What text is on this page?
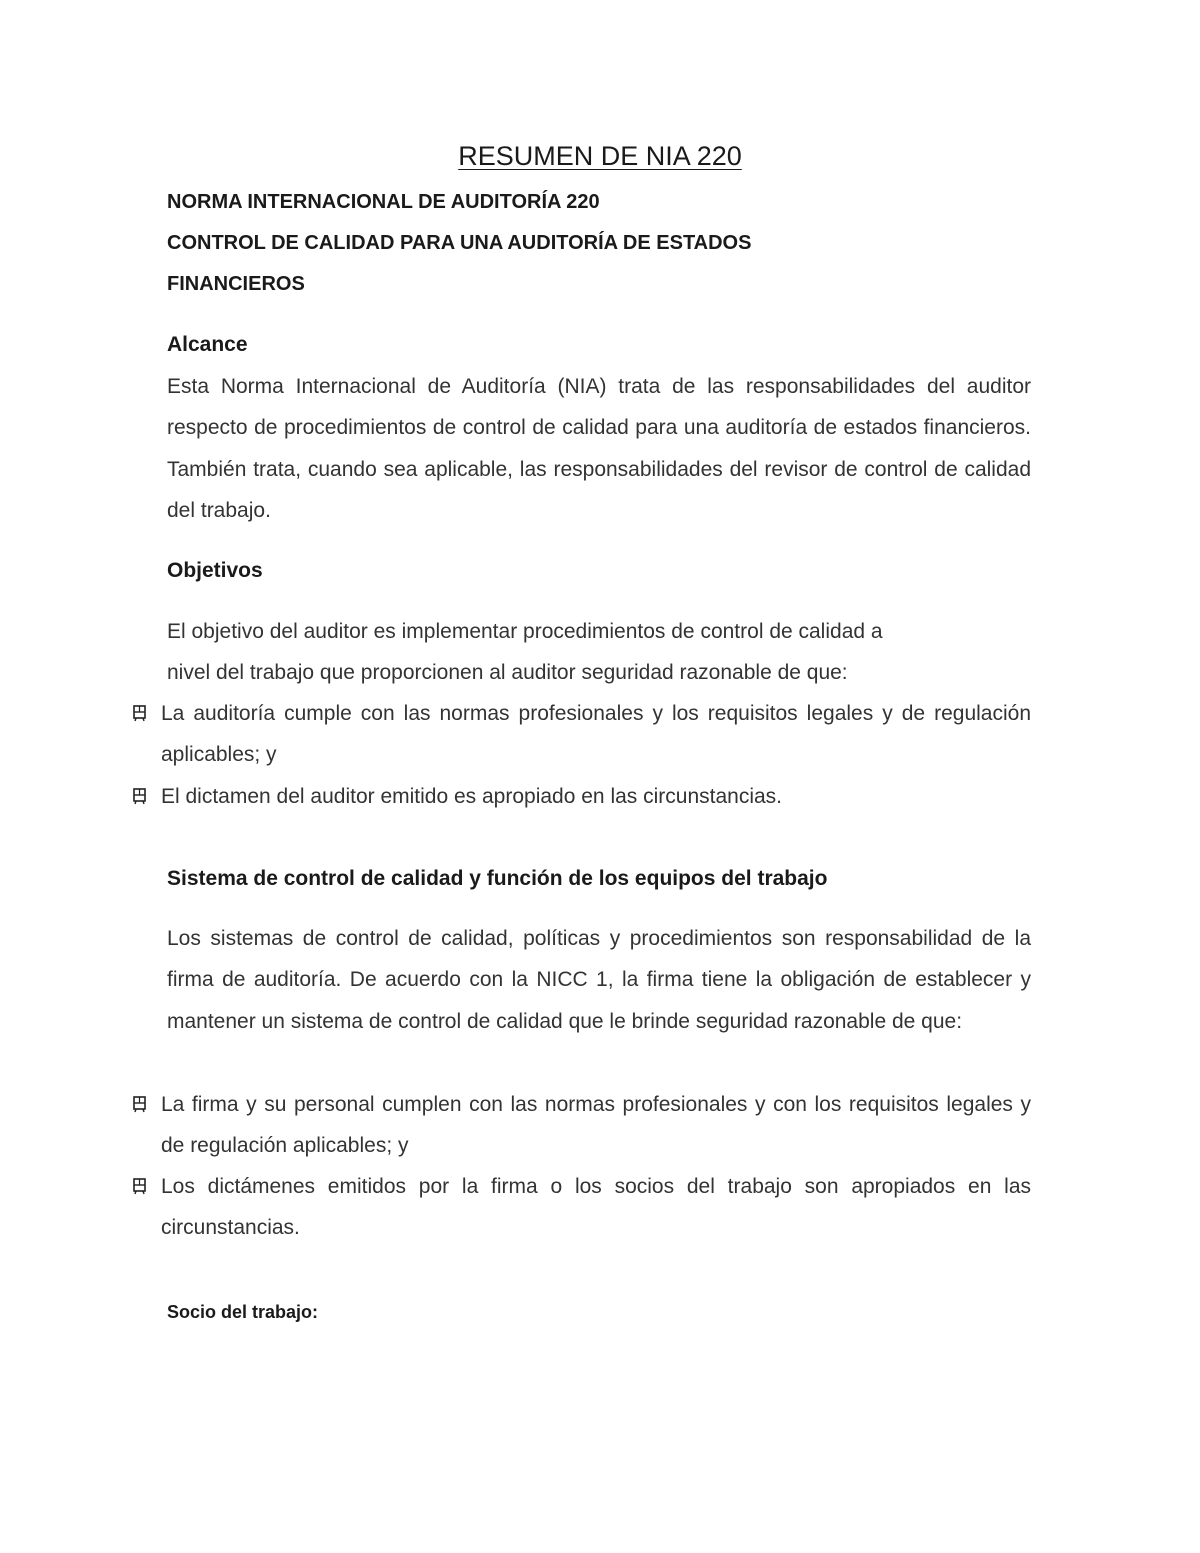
RESUMEN DE NIA 220
NORMA INTERNACIONAL DE AUDITORÍA 220
CONTROL DE CALIDAD PARA UNA AUDITORÍA DE ESTADOS
FINANCIEROS
Alcance
Esta Norma Internacional de Auditoría (NIA) trata de las responsabilidades del auditor respecto de procedimientos de control de calidad para una auditoría de estados financieros. También trata, cuando sea aplicable, las responsabilidades del revisor de control de calidad del trabajo.
Objetivos
El objetivo del auditor es implementar procedimientos de control de calidad a
nivel del trabajo que proporcionen al auditor seguridad razonable de que:
Sistema de control de calidad y función de los equipos del trabajo
Los sistemas de control de calidad, políticas y procedimientos son responsabilidad de la firma de auditoría. De acuerdo con la NICC 1, la firma tiene la obligación de establecer y mantener un sistema de control de calidad que le brinde seguridad razonable de que:
Socio del trabajo:
La auditoría cumple con las normas profesionales y los requisitos legales y de regulación aplicables; y
El dictamen del auditor emitido es apropiado en las circunstancias.
La firma y su personal cumplen con las normas profesionales y con los requisitos legales y de regulación aplicables; y
Los dictámenes emitidos por la firma o los socios del trabajo son apropiados en las circunstancias.
